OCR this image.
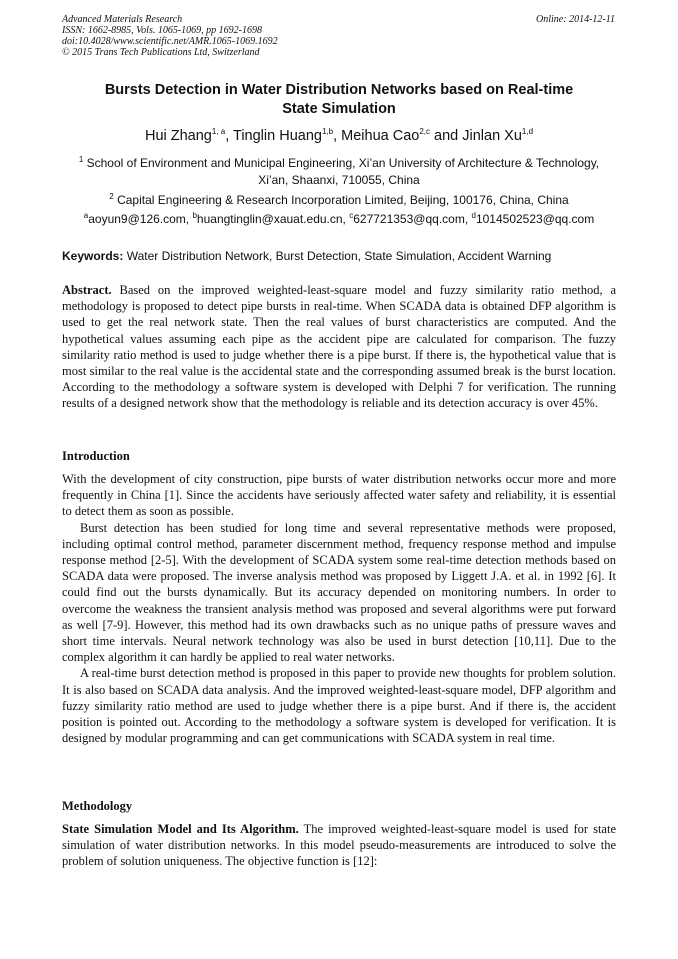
Advanced Materials Research
ISSN: 1662-8985, Vols. 1065-1069, pp 1692-1698
doi:10.4028/www.scientific.net/AMR.1065-1069.1692
© 2015 Trans Tech Publications Ltd, Switzerland
Online: 2014-12-11
Bursts Detection in Water Distribution Networks based on Real-time
State Simulation
Hui Zhang$^{1, a}$, Tinglin Huang$^{1,b}$, Meihua Cao$^{2,c}$ and Jinlan Xu$^{1,d}$
$^1$ School of Environment and Municipal Engineering, Xi’an University of Architecture & Technology,
Xi’an, Shaanxi, 710055, China
$^2$ Capital Engineering & Research Incorporation Limited, Beijing, 100176, China, China
$^a$aoyun9@126.com, $^b$huangtinglin@xauat.edu.cn, $^c$627721353@qq.com, $^d$1014502523@qq.com
Keywords: Water Distribution Network, Burst Detection, State Simulation, Accident Warning

Abstract. Based on the improved weighted-least-square model and fuzzy similarity ratio method, a methodology is proposed to detect pipe bursts in real-time. When SCADA data is obtained DFP algorithm is used to get the real network state. Then the real values of burst characteristics are computed. And the hypothetical values assuming each pipe as the accident pipe are calculated for comparison. The fuzzy similarity ratio method is used to judge whether there is a pipe burst. If there is, the hypothetical value that is most similar to the real value is the accidental state and the corresponding assumed break is the burst location. According to the methodology a software system is developed with Delphi 7 for verification. The running results of a designed network show that the methodology is reliable and its detection accuracy is over 45%.

Introduction

With the development of city construction, pipe bursts of water distribution networks occur more and more frequently in China [1]. Since the accidents have seriously affected water safety and reliability, it is essential to detect them as soon as possible.

Burst detection has been studied for long time and several representative methods were proposed, including optimal control method, parameter discernment method, frequency response method and impulse response method [2-5]. With the development of SCADA system some real-time detection methods based on SCADA data were proposed. The inverse analysis method was proposed by Liggett J.A. et al. in 1992 [6]. It could find out the bursts dynamically. But its accuracy depended on monitoring numbers. In order to overcome the weakness the transient analysis method was proposed and several algorithms were put forward as well [7-9]. However, this method had its own drawbacks such as no unique paths of pressure waves and short time intervals. Neural network technology was also be used in burst detection [10,11]. Due to the complex algorithm it can hardly be applied to real water networks.

A real-time burst detection method is proposed in this paper to provide new thoughts for problem solution. It is also based on SCADA data analysis. And the improved weighted-least-square model, DFP algorithm and fuzzy similarity ratio method are used to judge whether there is a pipe burst. And if there is, the accident position is pointed out. According to the methodology a software system is developed for verification. It is designed by modular programming and can get communications with SCADA system in real time.

Methodology

State Simulation Model and Its Algorithm. The improved weighted-least-square model is used for state simulation of water distribution networks. In this model pseudo-measurements are introduced to solve the problem of solution uniqueness. The objective function is [12]:
